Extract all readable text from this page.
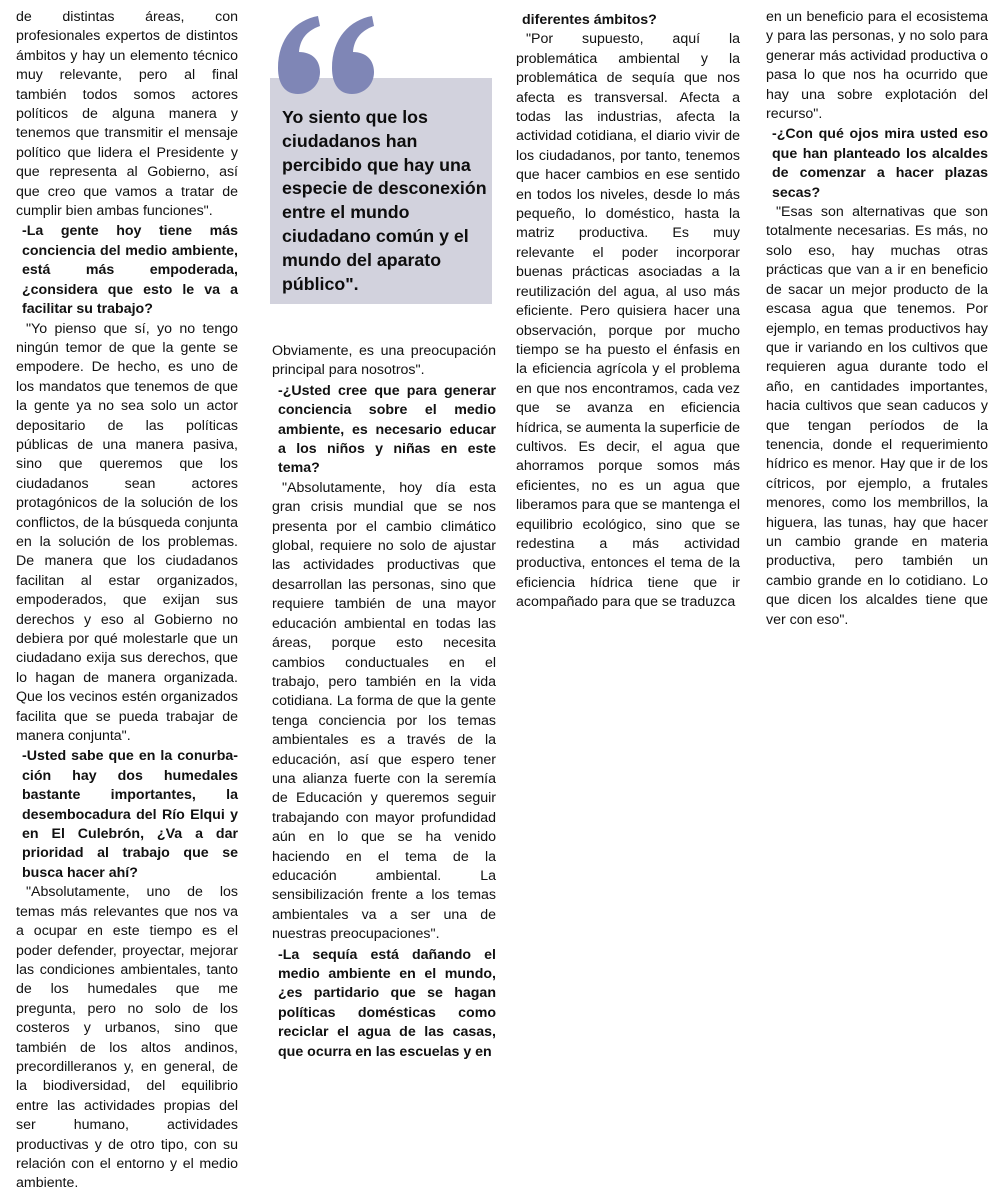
de distintas áreas, con profesionales expertos de distintos ámbitos y hay un elemento técnico muy relevante, pero al final también todos somos actores políticos de alguna manera y tenemos que transmitir el mensaje político que lidera el Presidente y que representa al Gobierno, así que creo que vamos a tratar de cumplir bien ambas funciones".

-La gente hoy tiene más conciencia del medio ambiente, está más empoderada, ¿considera que esto le va a facilitar su trabajo?

"Yo pienso que sí, yo no tengo ningún temor de que la gente se empodere. De hecho, es uno de los mandatos que tenemos de que la gente ya no sea solo un actor depositario de las políticas públicas de una manera pasiva, sino que queremos que los ciudadanos sean actores protagónicos de la solución de los conflictos, de la búsqueda conjunta en la solución de los problemas. De manera que los ciudadanos facilitan al estar organizados, empoderados, que exijan sus derechos y eso al Gobierno no debiera por qué molestarle que un ciudadano exija sus derechos, que lo hagan de manera organizada. Que los vecinos estén organizados facilita que se pueda trabajar de manera conjunta".

-Usted sabe que en la conurbación hay dos humedales bastante importantes, la desembocadura del Río Elqui y en El Culebrón, ¿Va a dar prioridad al trabajo que se busca hacer ahí?

"Absolutamente, uno de los temas más relevantes que nos va a ocupar en este tiempo es el poder defender, proyectar, mejorar las condiciones ambientales, tanto de los humedales que me pregunta, pero no solo de los costeros y urbanos, sino que también de los altos andinos, precordilleranos y, en general, de la biodiversidad, del equilibrio entre las actividades propias del ser humano, actividades productivas y de otro tipo, con su relación con el entorno y el medio ambiente.

Yo siento que los ciudadanos han percibido que hay una especie de desconexión entre el mundo ciudadano común y el mundo del aparato público".

Obviamente, es una preocupación principal para nosotros".

-¿Usted cree que para generar conciencia sobre el medio ambiente, es necesario educar a los niños y niñas en este tema?

"Absolutamente, hoy día esta gran crisis mundial que se nos presenta por el cambio climático global, requiere no solo de ajustar las actividades productivas que desarrollan las personas, sino que requiere también de una mayor educación ambiental en todas las áreas, porque esto necesita cambios conductuales en el trabajo, pero también en la vida cotidiana. La forma de que la gente tenga conciencia por los temas ambientales es a través de la educación, así que espero tener una alianza fuerte con la seremía de Educación y queremos seguir trabajando con mayor profundidad aún en lo que se ha venido haciendo en el tema de la educación ambiental. La sensibilización frente a los temas ambientales va a ser una de nuestras preocupaciones".

-La sequía está dañando el medio ambiente en el mundo, ¿es partidario que se hagan políticas domésticas como reciclar el agua de las casas, que ocurra en las escuelas y en

diferentes ámbitos?

"Por supuesto, aquí la problemática ambiental y la problemática de sequía que nos afecta es transversal. Afecta a todas las industrias, afecta la actividad cotidiana, el diario vivir de los ciudadanos, por tanto, tenemos que hacer cambios en ese sentido en todos los niveles, desde lo más pequeño, lo doméstico, hasta la matriz productiva. Es muy relevante el poder incorporar buenas prácticas asociadas a la reutilización del agua, al uso más eficiente. Pero quisiera hacer una observación, porque por mucho tiempo se ha puesto el énfasis en la eficiencia agrícola y el problema en que nos encontramos, cada vez que se avanza en eficiencia hídrica, se aumenta la superficie de cultivos. Es decir, el agua que ahorramos porque somos más eficientes, no es un agua que liberamos para que se mantenga el equilibrio ecológico, sino que se redestina a más actividad productiva, entonces el tema de la eficiencia hídrica tiene que ir acompañado para que se traduzca

en un beneficio para el ecosistema y para las personas, y no solo para generar más actividad productiva o pasa lo que nos ha ocurrido que hay una sobre explotación del recurso".

-¿Con qué ojos mira usted eso que han planteado los alcaldes de comenzar a hacer plazas secas?

"Esas son alternativas que son totalmente necesarias. Es más, no solo eso, hay muchas otras prácticas que van a ir en beneficio de sacar un mejor producto de la escasa agua que tenemos. Por ejemplo, en temas productivos hay que ir variando en los cultivos que requieren agua durante todo el año, en cantidades importantes, hacia cultivos que sean caducos y que tengan períodos de la tenencia, donde el requerimiento hídrico es menor. Hay que ir de los cítricos, por ejemplo, a frutales menores, como los membrillos, la higuera, las tunas, hay que hacer un cambio grande en materia productiva, pero también un cambio grande en lo cotidiano. Lo que dicen los alcaldes tiene que ver con eso".
